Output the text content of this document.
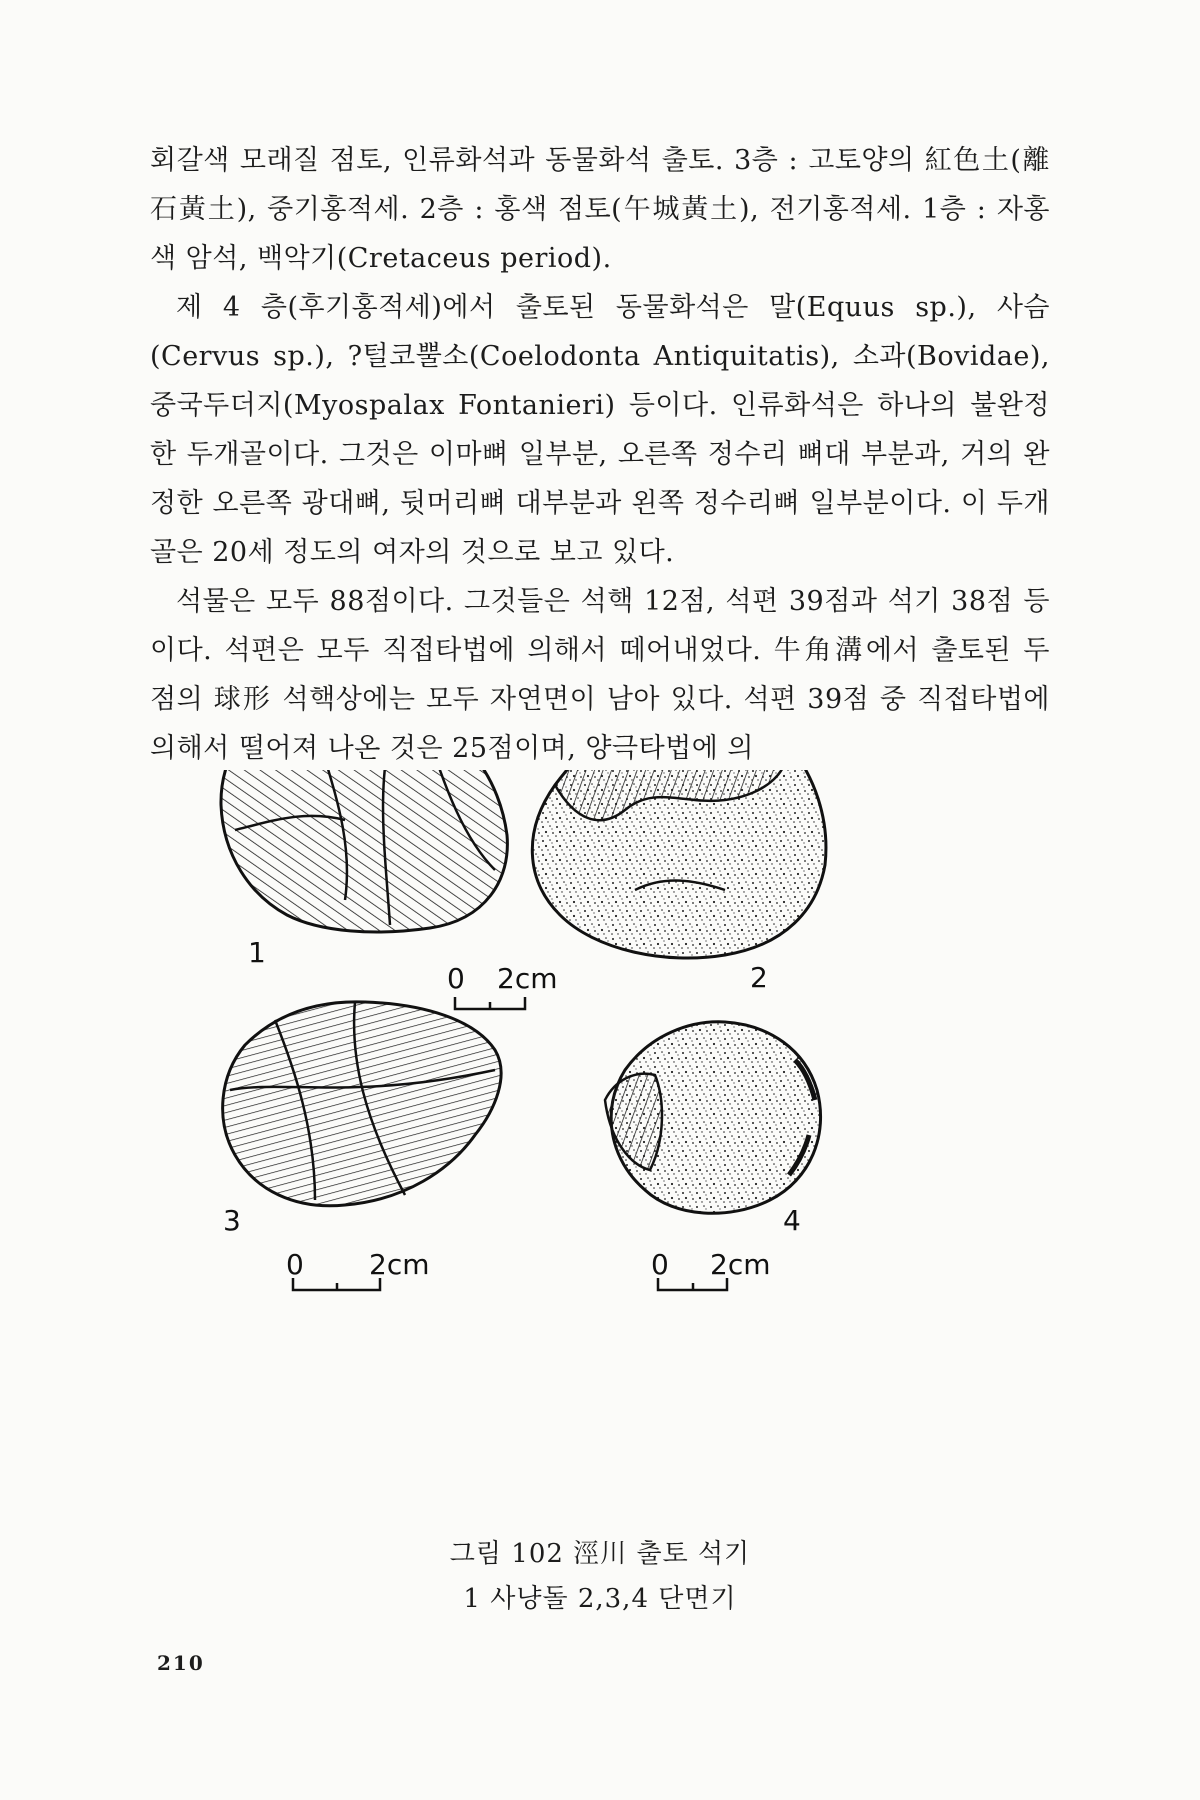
회갈색 모래질 점토, 인류화석과 동물화석 출토. 3층 : 고토양의 紅色土(離石黃土), 중기홍적세. 2층 : 홍색 점토(午城黃土), 전기홍적세. 1층 : 자홍색 암석, 백악기(Cretaceus period).

제 4 층(후기홍적세)에서 출토된 동물화석은 말(Equus sp.), 사슴(Cervus sp.), ?털코뿔소(Coelodonta Antiquitatis), 소과(Bovidae), 중국두더지(Myospalax Fontanieri) 등이다. 인류화석은 하나의 불완정한 두개골이다. 그것은 이마뼈 일부분, 오른쪽 정수리 뼈대 부분과, 거의 완정한 오른쪽 광대뼈, 뒷머리뼈 대부분과 왼쪽 정수리뼈 일부분이다. 이 두개골은 20세 정도의 여자의 것으로 보고 있다.

석물은 모두 88점이다. 그것들은 석핵 12점, 석편 39점과 석기 38점 등이다. 석편은 모두 직접타법에 의해서 떼어내었다. 牛角溝에서 출토된 두 점의 球形 석핵상에는 모두 자연면이 남아 있다. 석편 39점 중 직접타법에 의해서 떨어져 나온 것은 25점이며, 양극타법에 의

1
2
3	4
0 2cm
0 2cm	0 2cm
그림 102 涇川 출토 석기
1 사냥돌 2,3,4 단면기
210
